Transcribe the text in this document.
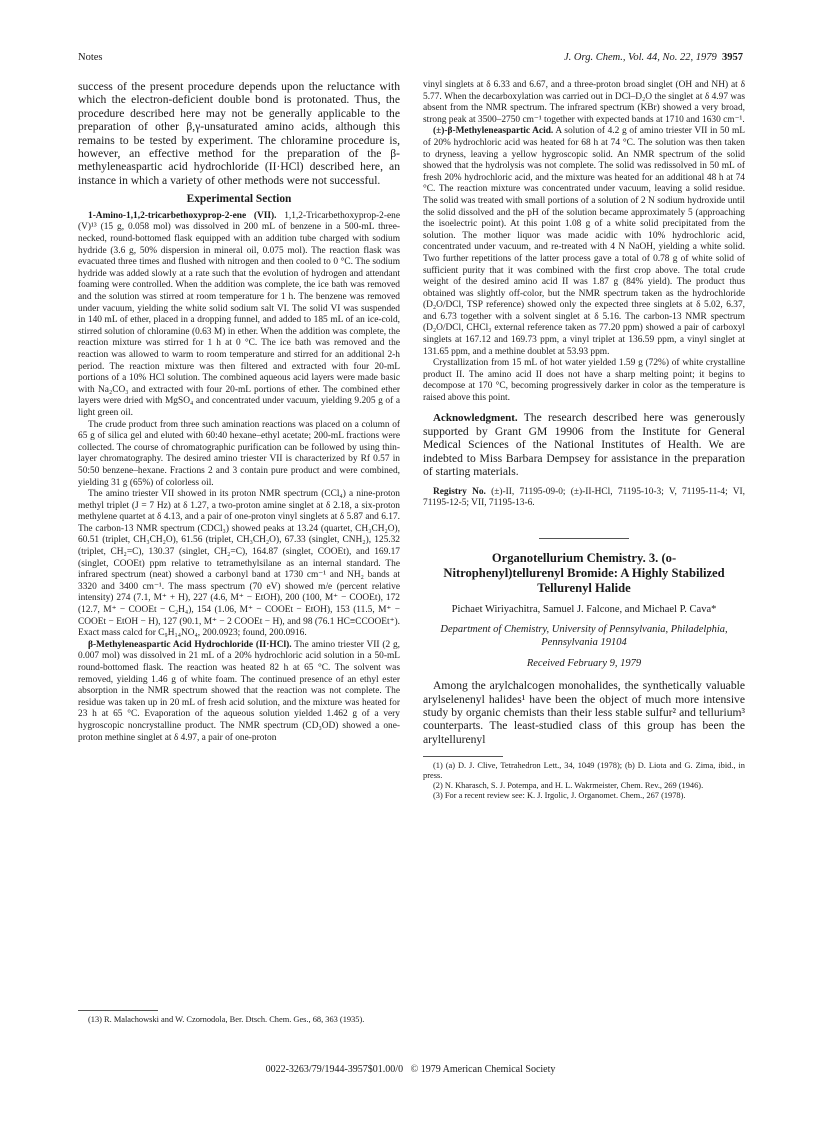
Notes	J. Org. Chem., Vol. 44, No. 22, 1979 3957

success of the present procedure depends upon the reluctance with which the electron-deficient double bond is protonated. Thus, the procedure described here may not be generally applicable to the preparation of other β,γ-unsaturated amino acids, although this remains to be tested by experiment. The chloramine procedure is, however, an effective method for the preparation of the β-methyleneaspartic acid hydrochloride (II·HCl) described here, an instance in which a variety of other methods were not successful.

Experimental Section

1-Amino-1,1,2-tricarbethoxyprop-2-ene (VII). 1,1,2-Tricarbethoxyprop-2-ene (V)¹³ (15 g, 0.058 mol) was dissolved in 200 mL of benzene in a 500-mL three-necked, round-bottomed flask equipped with an addition tube charged with sodium hydride (3.6 g, 50% dispersion in mineral oil, 0.075 mol). The reaction flask was evacuated three times and flushed with nitrogen and then cooled to 0 °C. The sodium hydride was added slowly at a rate such that the evolution of hydrogen and attendant foaming were controlled. When the addition was complete, the ice bath was removed and the solution was stirred at room temperature for 1 h. The benzene was removed under vacuum, yielding the white solid sodium salt VI. The solid VI was suspended in 140 mL of ether, placed in a dropping funnel, and added to 185 mL of an ice-cold, stirred solution of chloramine (0.63 M) in ether. When the addition was complete, the reaction mixture was stirred for 1 h at 0 °C. The ice bath was removed and the reaction was allowed to warm to room temperature and stirred for an additional 2-h period. The reaction mixture was then filtered and extracted with four 20-mL portions of a 10% HCl solution. The combined aqueous acid layers were made basic with Na₂CO₃ and extracted with four 20-mL portions of ether. The combined ether layers were dried with MgSO₄ and concentrated under vacuum, yielding 9.205 g of a light green oil.

The crude product from three such amination reactions was placed on a column of 65 g of silica gel and eluted with 60:40 hexane–ethyl acetate; 200-mL fractions were collected. The course of chromatographic purification can be followed by using thin-layer chromatography. The desired amino triester VII is characterized by Rf 0.57 in 50:50 benzene–hexane. Fractions 2 and 3 contain pure product and were combined, yielding 31 g (65%) of colorless oil.

The amino triester VII showed in its proton NMR spectrum (CCl₄) a nine-proton methyl triplet (J = 7 Hz) at δ 1.27, a two-proton amine singlet at δ 2.18, a six-proton methylene quartet at δ 4.13, and a pair of one-proton vinyl singlets at δ 5.87 and 6.17. The carbon-13 NMR spectrum (CDCl₃) showed peaks at 13.24 (quartet, CH₃CH₂O), 60.51 (triplet, CH₃CH₂O), 61.56 (triplet, CH₃CH₂O), 67.33 (singlet, CNH₂), 125.32 (triplet, CH₂=C), 130.37 (singlet, CH₂=C), 164.87 (singlet, COOEt), and 169.17 (singlet, COOEt) ppm relative to tetramethylsilane as an internal standard. The infrared spectrum (neat) showed a carbonyl band at 1730 cm⁻¹ and NH₂ bands at 3320 and 3400 cm⁻¹. The mass spectrum (70 eV) showed m/e (percent relative intensity) 274 (7.1, M⁺ + H), 227 (4.6, M⁺ − EtOH), 200 (100, M⁺ − COOEt), 172 (12.7, M⁺ − COOEt − C₂H₄), 154 (1.06, M⁺ − COOEt − EtOH), 153 (11.5, M⁺ − COOEt − EtOH − H), 127 (90.1, M⁺ − 2 COOEt − H), and 98 (76.1 HC≡CCOOEt⁺). Exact mass calcd for C₉H₁₄NO₄, 200.0923; found, 200.0916.

β-Methyleneaspartic Acid Hydrochloride (II·HCl). The amino triester VII (2 g, 0.007 mol) was dissolved in 21 mL of a 20% hydrochloric acid solution in a 50-mL round-bottomed flask. The reaction was heated 82 h at 65 °C. The solvent was removed, yielding 1.46 g of white foam. The continued presence of an ethyl ester absorption in the NMR spectrum showed that the reaction was not complete. The residue was taken up in 20 mL of fresh acid solution, and the mixture was heated for 23 h at 65 °C. Evaporation of the aqueous solution yielded 1.462 g of a very hygroscopic noncrystalline product. The NMR spectrum (CD₃OD) showed a one-proton methine singlet at δ 4.97, a pair of one-proton

(13) R. Malachowski and W. Czornodola, Ber. Dtsch. Chem. Ges., 68, 363 (1935).

vinyl singlets at δ 6.33 and 6.67, and a three-proton broad singlet (OH and NH) at δ 5.77. When the decarboxylation was carried out in DCl–D₂O the singlet at δ 4.97 was absent from the NMR spectrum. The infrared spectrum (KBr) showed a very broad, strong peak at 3500–2750 cm⁻¹ together with expected bands at 1710 and 1630 cm⁻¹.

(±)-β-Methyleneaspartic Acid. A solution of 4.2 g of amino triester VII in 50 mL of 20% hydrochloric acid was heated for 68 h at 74 °C. The solution was then taken to dryness, leaving a yellow hygroscopic solid. An NMR spectrum of the solid showed that the hydrolysis was not complete. The solid was redissolved in 50 mL of fresh 20% hydrochloric acid, and the mixture was heated for an additional 48 h at 74 °C. The reaction mixture was concentrated under vacuum, leaving a solid residue. The solid was treated with small portions of a solution of 2 N sodium hydroxide until the solid dissolved and the pH of the solution became approximately 5 (approaching the isoelectric point). At this point 1.08 g of a white solid precipitated from the solution. The mother liquor was made acidic with 10% hydrochloric acid, concentrated under vacuum, and re-treated with 4 N NaOH, yielding a white solid. Two further repetitions of the latter process gave a total of 0.78 g of white solid of sufficient purity that it was combined with the first crop above. The total crude weight of the desired amino acid II was 1.87 g (84% yield). The product thus obtained was slightly off-color, but the NMR spectrum taken as the hydrochloride (D₂O/DCl, TSP reference) showed only the expected three singlets at δ 5.02, 6.37, and 6.73 together with a solvent singlet at δ 5.16. The carbon-13 NMR spectrum (D₂O/DCl, CHCl₃ external reference taken as 77.20 ppm) showed a pair of carboxyl singlets at 167.12 and 169.73 ppm, a vinyl triplet at 136.59 ppm, a vinyl singlet at 131.65 ppm, and a methine doublet at 53.93 ppm.

Crystallization from 15 mL of hot water yielded 1.59 g (72%) of white crystalline product II. The amino acid II does not have a sharp melting point; it begins to decompose at 170 °C, becoming progressively darker in color as the temperature is raised above this point.

Acknowledgment. The research described here was generously supported by Grant GM 19906 from the Institute for General Medical Sciences of the National Institutes of Health. We are indebted to Miss Barbara Dempsey for assistance in the preparation of starting materials.

Registry No. (±)-II, 71195-09-0; (±)-II-HCl, 71195-10-3; V, 71195-11-4; VI, 71195-12-5; VII, 71195-13-6.

Organotellurium Chemistry. 3. (o-Nitrophenyl)tellurenyl Bromide: A Highly Stabilized Tellurenyl Halide
Pichaet Wiriyachitra, Samuel J. Falcone, and Michael P. Cava*
Department of Chemistry, University of Pennsylvania, Philadelphia, Pennsylvania 19104
Received February 9, 1979

Among the arylchalcogen monohalides, the synthetically valuable arylselenenyl halides¹ have been the object of much more intensive study by organic chemists than their less stable sulfur² and tellurium³ counterparts. The least-studied class of this group has been the aryltellurenyl

(1) (a) D. J. Clive, Tetrahedron Lett., 34, 1049 (1978); (b) D. Liota and G. Zima, ibid., in press.

(2) N. Kharasch, S. J. Potempa, and H. L. Wakrmeister, Chem. Rev., 269 (1946).

(3) For a recent review see: K. J. Irgolic, J. Organomet. Chem., 267 (1978).

0022-3263/79/1944-3957$01.00/0 © 1979 American Chemical Society
